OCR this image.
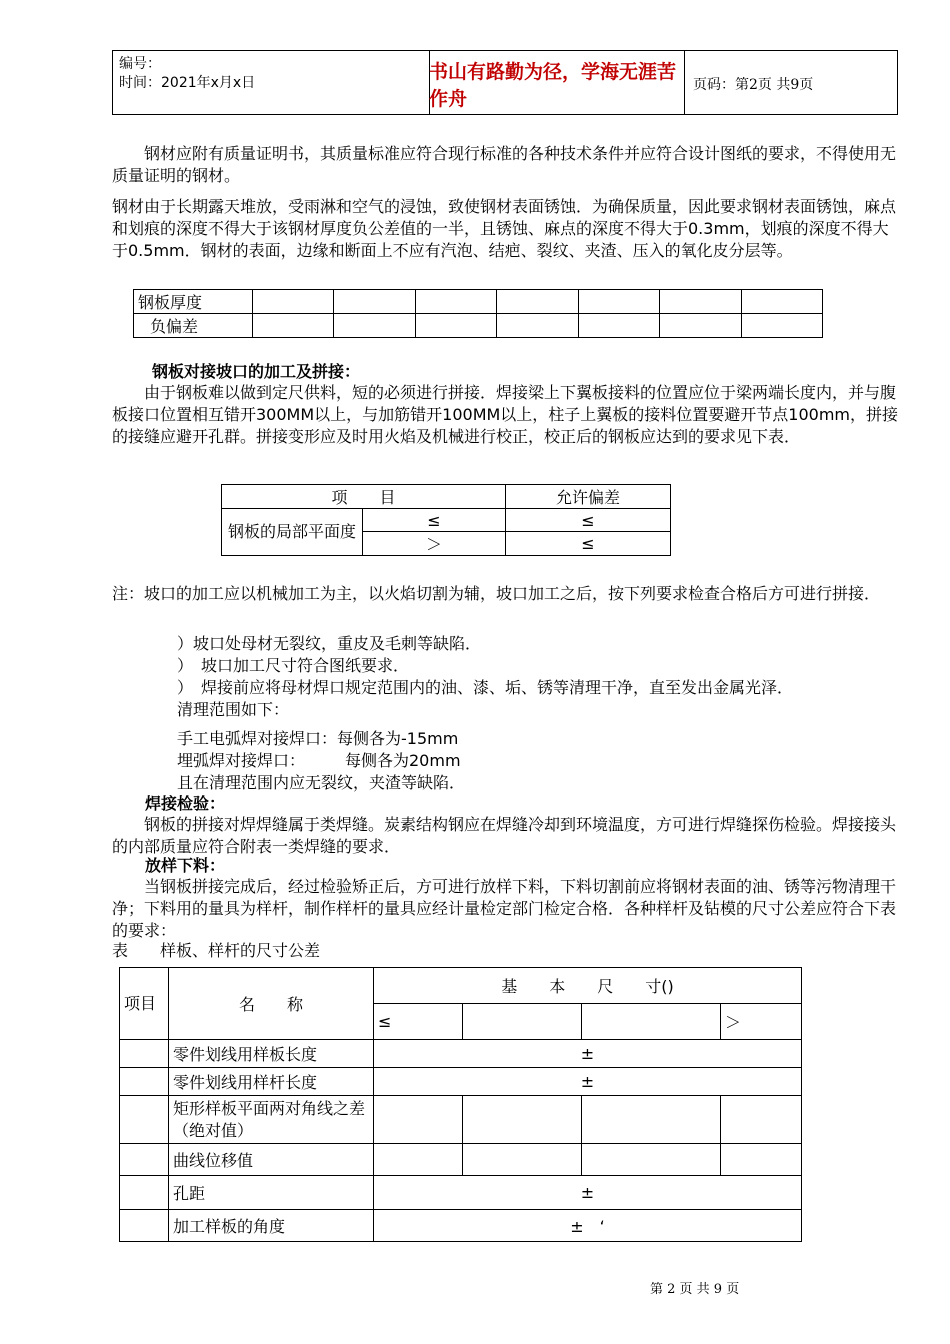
编号：
时间：2021年x月x日
书山有路勤为径，学海无涯苦作舟
页码：第2页 共9页
钢材应附有质量证明书，其质量标准应符合现行标准的各种技术条件并应符合设计图纸的要求，不得使用无质量证明的钢材。
钢材由于长期露天堆放，受雨淋和空气的浸蚀，致使钢材表面锈蚀．为确保质量，因此要求钢材表面锈蚀，麻点和划痕的深度不得大于该钢材厚度负公差值的一半，且锈蚀、麻点的深度不得大于0.3mm，划痕的深度不得大于0.5mm．钢材的表面，边缘和断面上不应有汽泡、结疤、裂纹、夹渣、压入的氧化皮分层等。
钢板厚度							
负偏差							
钢板对接坡口的加工及拼接：
由于钢板难以做到定尺供料，短的必须进行拼接．焊接梁上下翼板接料的位置应位于梁两端长度内，并与腹板接口位置相互错开300MM以上，与加筋错开100MM以上，柱子上翼板的接料位置要避开节点100mm，拼接的接缝应避开孔群。拼接变形应及时用火焰及机械进行校正，校正后的钢板应达到的要求见下表．
项　　目		允许偏差
钢板的局部平面度	≤	≤
	＞	≤
注：坡口的加工应以机械加工为主，以火焰切割为辅，坡口加工之后，按下列要求检查合格后方可进行拼接．
）坡口处母材无裂纹，重皮及毛刺等缺陷．
）　坡口加工尺寸符合图纸要求．
）　焊接前应将母材焊口规定范围内的油、漆、垢、锈等清理干净，直至发出金属光泽．
清理范围如下：
手工电弧焊对接焊口：每侧各为-15mm
埋弧焊对接焊口：　　　每侧各为20mm
且在清理范围内应无裂纹，夹渣等缺陷．
焊接检验：
钢板的拼接对焊焊缝属于类焊缝。炭素结构钢应在焊缝冷却到环境温度，方可进行焊缝探伤检验。焊接接头的内部质量应符合附表一类焊缝的要求．
放样下料：
当钢板拼接完成后，经过检验矫正后，方可进行放样下料，下料切割前应将钢材表面的油、锈等污物清理干净；下料用的量具为样杆，制作样杆的量具应经计量检定部门检定合格．各种样杆及钻模的尺寸公差应符合下表的要求：
表　　样板、样杆的尺寸公差
项目	名　　称	基　　本　　尺　　寸()			
		≤			＞
	零件划线用样板长度	±			
	零件划线用样杆长度	±			
	矩形样板平面两对角线之差（绝对值）				
	曲线位移值				
	孔距	±			
	加工样板的角度	±　‘			
第 2 页 共 9 页
